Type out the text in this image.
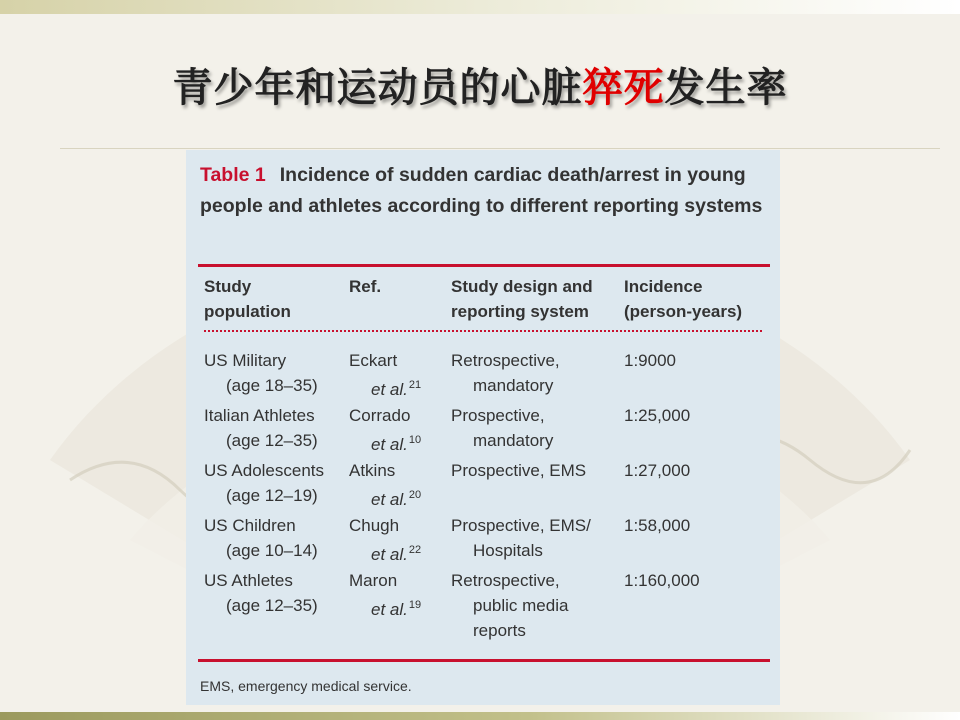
青少年和运动员的心脏猝死发生率
Table 1 Incidence of sudden cardiac death/arrest in young people and athletes according to different reporting systems
Study
population
Ref.	Study design and
reporting system
Incidence
(person-years)
US Military
(age 18–35)
Eckart
et al.$^{21}$
Retrospective,
mandatory
1:9000
Italian Athletes
(age 12–35)
Corrado
et al.$^{10}$
Prospective,
mandatory
1:25,000
US Adolescents
(age 12–19)
Atkins
et al.$^{20}$
Prospective, EMS 1:27,000
US Children
(age 10–14)
Chugh
et al.$^{22}$
Prospective, EMS/
Hospitals
1:58,000
US Athletes
(age 12–35)
Maron
et al.$^{19}$
Retrospective,
public media
reports
1:160,000
EMS, emergency medical service.
